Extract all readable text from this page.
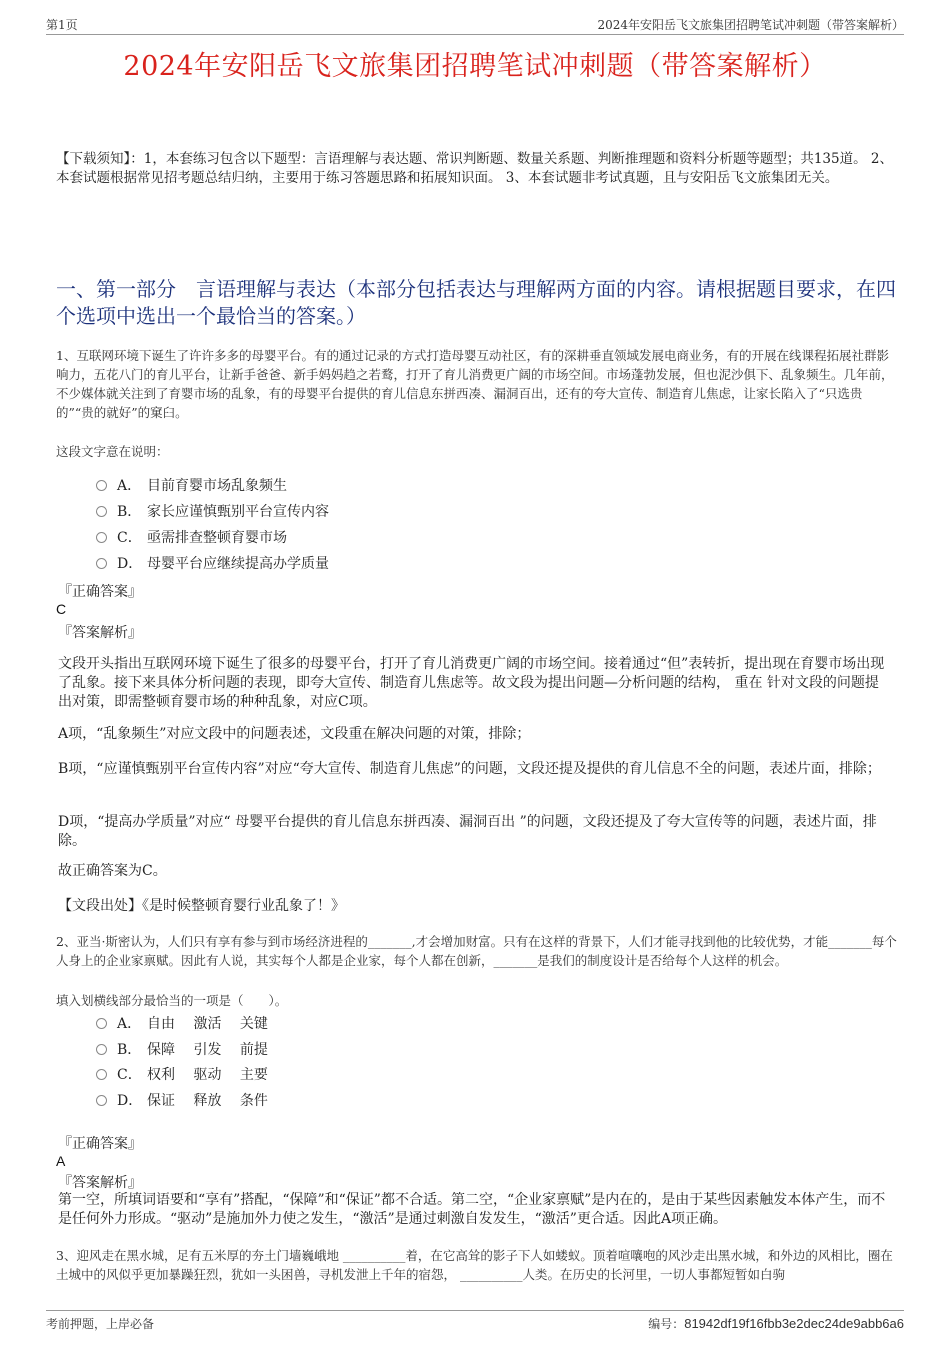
第1页	2024年安阳岳飞文旅集团招聘笔试冲刺题（带答案解析）
2024年安阳岳飞文旅集团招聘笔试冲刺题（带答案解析）
【下载须知】：1，本套练习包含以下题型：言语理解与表达题、常识判断题、数量关系题、判断推理题和资料分析题等题型；共135道。 2、本套试题根据常见招考题总结归纳，主要用于练习答题思路和拓展知识面。 3、本套试题非考试真题，且与安阳岳飞文旅集团无关。
一、第一部分　言语理解与表达（本部分包括表达与理解两方面的内容。请根据题目要求，在四个选项中选出一个最恰当的答案。）
1、互联网环境下诞生了许许多多的母婴平台。有的通过记录的方式打造母婴互动社区，有的深耕垂直领域发展电商业务，有的开展在线课程拓展社群影响力，五花八门的育儿平台，让新手爸爸、新手妈妈趋之若鹜，打开了育儿消费更广阔的市场空间。市场蓬勃发展，但也泥沙俱下、乱象频生。几年前，不少媒体就关注到了育婴市场的乱象，有的母婴平台提供的育儿信息东拼西凑、漏洞百出，还有的夸大宣传、制造育儿焦虑，让家长陷入了“只选贵的”“贵的就好”的窠臼。
这段文字意在说明：
A． 目前育婴市场乱象频生
B． 家长应谨慎甄别平台宣传内容
C． 亟需排查整顿育婴市场
D． 母婴平台应继续提高办学质量
『正确答案』
C
『答案解析』
文段开头指出互联网环境下诞生了很多的母婴平台，打开了育儿消费更广阔的市场空间。接着通过“但”表转折，提出现在育婴市场出现了乱象。接下来具体分析问题的表现，即夸大宣传、制造育儿焦虑等。故文段为提出问题—分析问题的结构， 重在 针对文段的问题提出对策，即需整顿育婴市场的种种乱象，对应C项。
A项，“乱象频生”对应文段中的问题表述，文段重在解决问题的对策，排除；
B项，“应谨慎甄别平台宣传内容”对应“夸大宣传、制造育儿焦虑”的问题，文段还提及提供的育儿信息不全的问题，表述片面，排除；
D项，“提高办学质量”对应“ 母婴平台提供的育儿信息东拼西凑、漏洞百出 ”的问题，文段还提及了夸大宣传等的问题，表述片面，排除。
故正确答案为C。
【文段出处】《是时候整顿育婴行业乱象了！》
2、亚当·斯密认为，人们只有享有参与到市场经济进程的_______,才会增加财富。只有在这样的背景下，人们才能寻找到他的比较优势，才能_______每个人身上的企业家禀赋。因此有人说，其实每个人都是企业家，每个人都在创新，_______是我们的制度设计是否给每个人这样的机会。
填入划横线部分最恰当的一项是（　　）。
A． 自由　 激活　 关键
B． 保障　 引发　 前提
C． 权利　 驱动　 主要
D． 保证　 释放　 条件
『正确答案』
A
『答案解析』
第一空，所填词语要和“享有”搭配，“保障”和“保证”都不合适。第二空，“企业家禀赋”是内在的，是由于某些因素触发本体产生，而不是任何外力形成。“驱动”是施加外力使之发生，“激活”是通过刺激自发发生，“激活”更合适。因此A项正确。
3、迎风走在黑水城，足有五米厚的夯土门墙巍峨地 __________着，在它高耸的影子下人如蝼蚁。顶着喧嚷咆的风沙走出黑水城，和外边的风相比，圈在土城中的风似乎更加暴躁狂烈，犹如一头困兽，寻机发泄上千年的宿怨， __________人类。在历史的长河里，一切人事都短暂如白驹
考前押题，上岸必备	编号：81942df19f16fbb3e2dec24de9abb6a6
